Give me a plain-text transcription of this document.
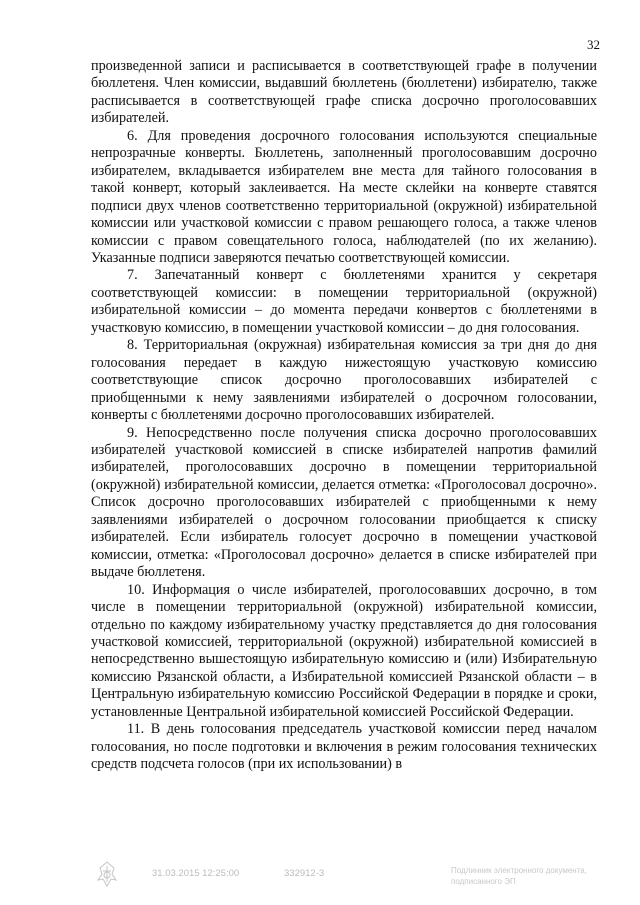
32

произведенной записи и расписывается в соответствующей графе в получении бюллетеня. Член комиссии, выдавший бюллетень (бюллетени) избирателю, также расписывается в соответствующей графе списка досрочно проголосовавших избирателей.

6. Для проведения досрочного голосования используются специальные непрозрачные конверты. Бюллетень, заполненный проголосовавшим досрочно избирателем, вкладывается избирателем вне места для тайного голосования в такой конверт, который заклеивается. На месте склейки на конверте ставятся подписи двух членов соответственно территориальной (окружной) избирательной комиссии или участковой комиссии с правом решающего голоса, а также членов комиссии с правом совещательного голоса, наблюдателей (по их желанию). Указанные подписи заверяются печатью соответствующей комиссии.

7. Запечатанный конверт с бюллетенями хранится у секретаря соответствующей комиссии: в помещении территориальной (окружной) избирательной комиссии – до момента передачи конвертов с бюллетенями в участковую комиссию, в помещении участковой комиссии – до дня голосования.

8. Территориальная (окружная) избирательная комиссия за три дня до дня голосования передает в каждую нижестоящую участковую комиссию соответствующие список досрочно проголосовавших избирателей с приобщенными к нему заявлениями избирателей о досрочном голосовании, конверты с бюллетенями досрочно проголосовавших избирателей.

9. Непосредственно после получения списка досрочно проголосовавших избирателей участковой комиссией в списке избирателей напротив фамилий избирателей, проголосовавших досрочно в помещении территориальной (окружной) избирательной комиссии, делается отметка: «Проголосовал досрочно». Список досрочно проголосовавших избирателей с приобщенными к нему заявлениями избирателей о досрочном голосовании приобщается к списку избирателей. Если избиратель голосует досрочно в помещении участковой комиссии, отметка: «Проголосовал досрочно» делается в списке избирателей при выдаче бюллетеня.

10. Информация о числе избирателей, проголосовавших досрочно, в том числе в помещении территориальной (окружной) избирательной комиссии, отдельно по каждому избирательному участку представляется до дня голосования участковой комиссией, территориальной (окружной) избирательной комиссией в непосредственно вышестоящую избирательную комиссию и (или) Избирательную комиссию Рязанской области, а Избирательной комиссией Рязанской области – в Центральную избирательную комиссию Российской Федерации в порядке и сроки, установленные Центральной избирательной комиссией Российской Федерации.

11. В день голосования председатель участковой комиссии перед началом голосования, но после подготовки и включения в режим голосования технических средств подсчета голосов (при их использовании) в

31.03.2015 12:25:00	332912-3	Подлинник электронного документа,
подписанного ЭП
